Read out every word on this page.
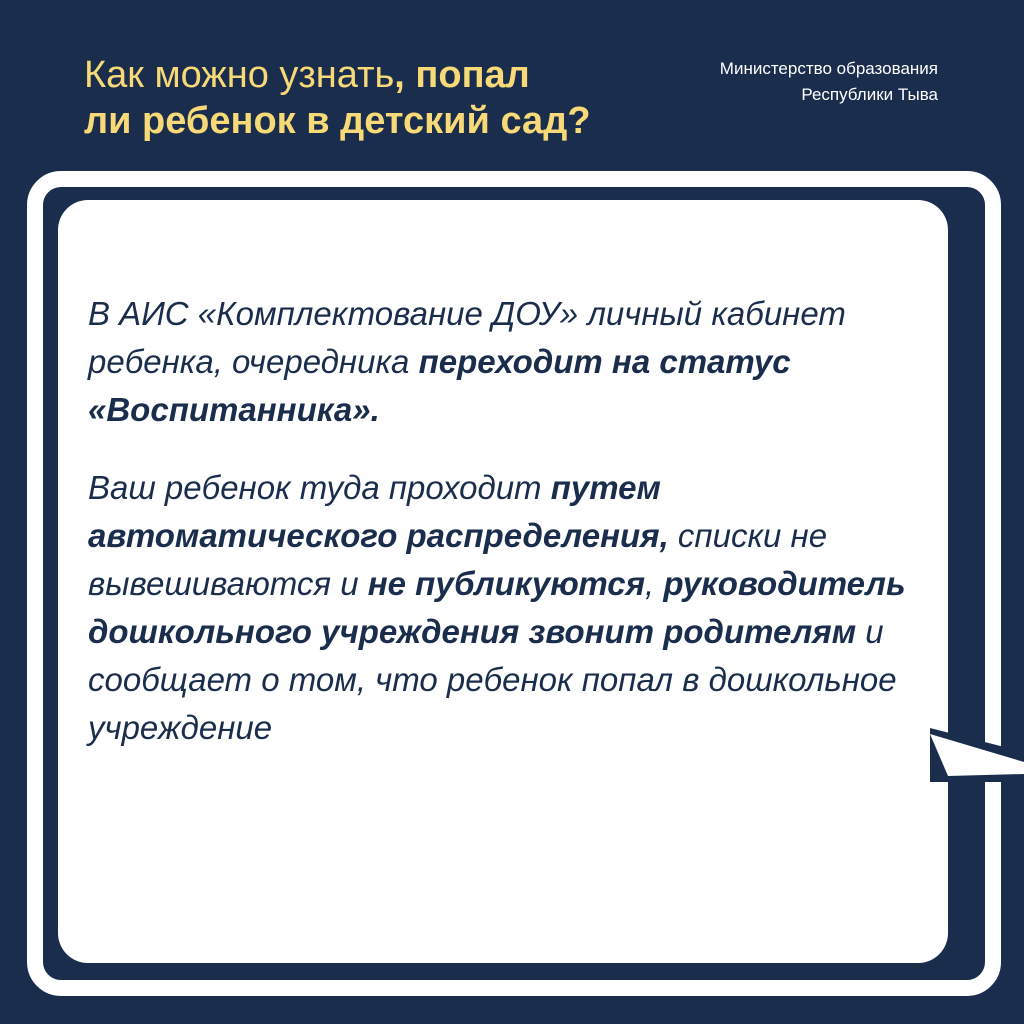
Как можно узнать, попал
ли ребенок в детский сад?
Министерство образования
Республики Тыва

В АИС «Комплектование ДОУ» личный кабинет ребенка, очередника переходит на статус «Воспитанника».

Ваш ребенок туда проходит путем автоматического распределения, списки не вывешиваются и не публикуются, руководитель дошкольного учреждения звонит родителям и сообщает о том, что ребенок попал в дошкольное учреждение
